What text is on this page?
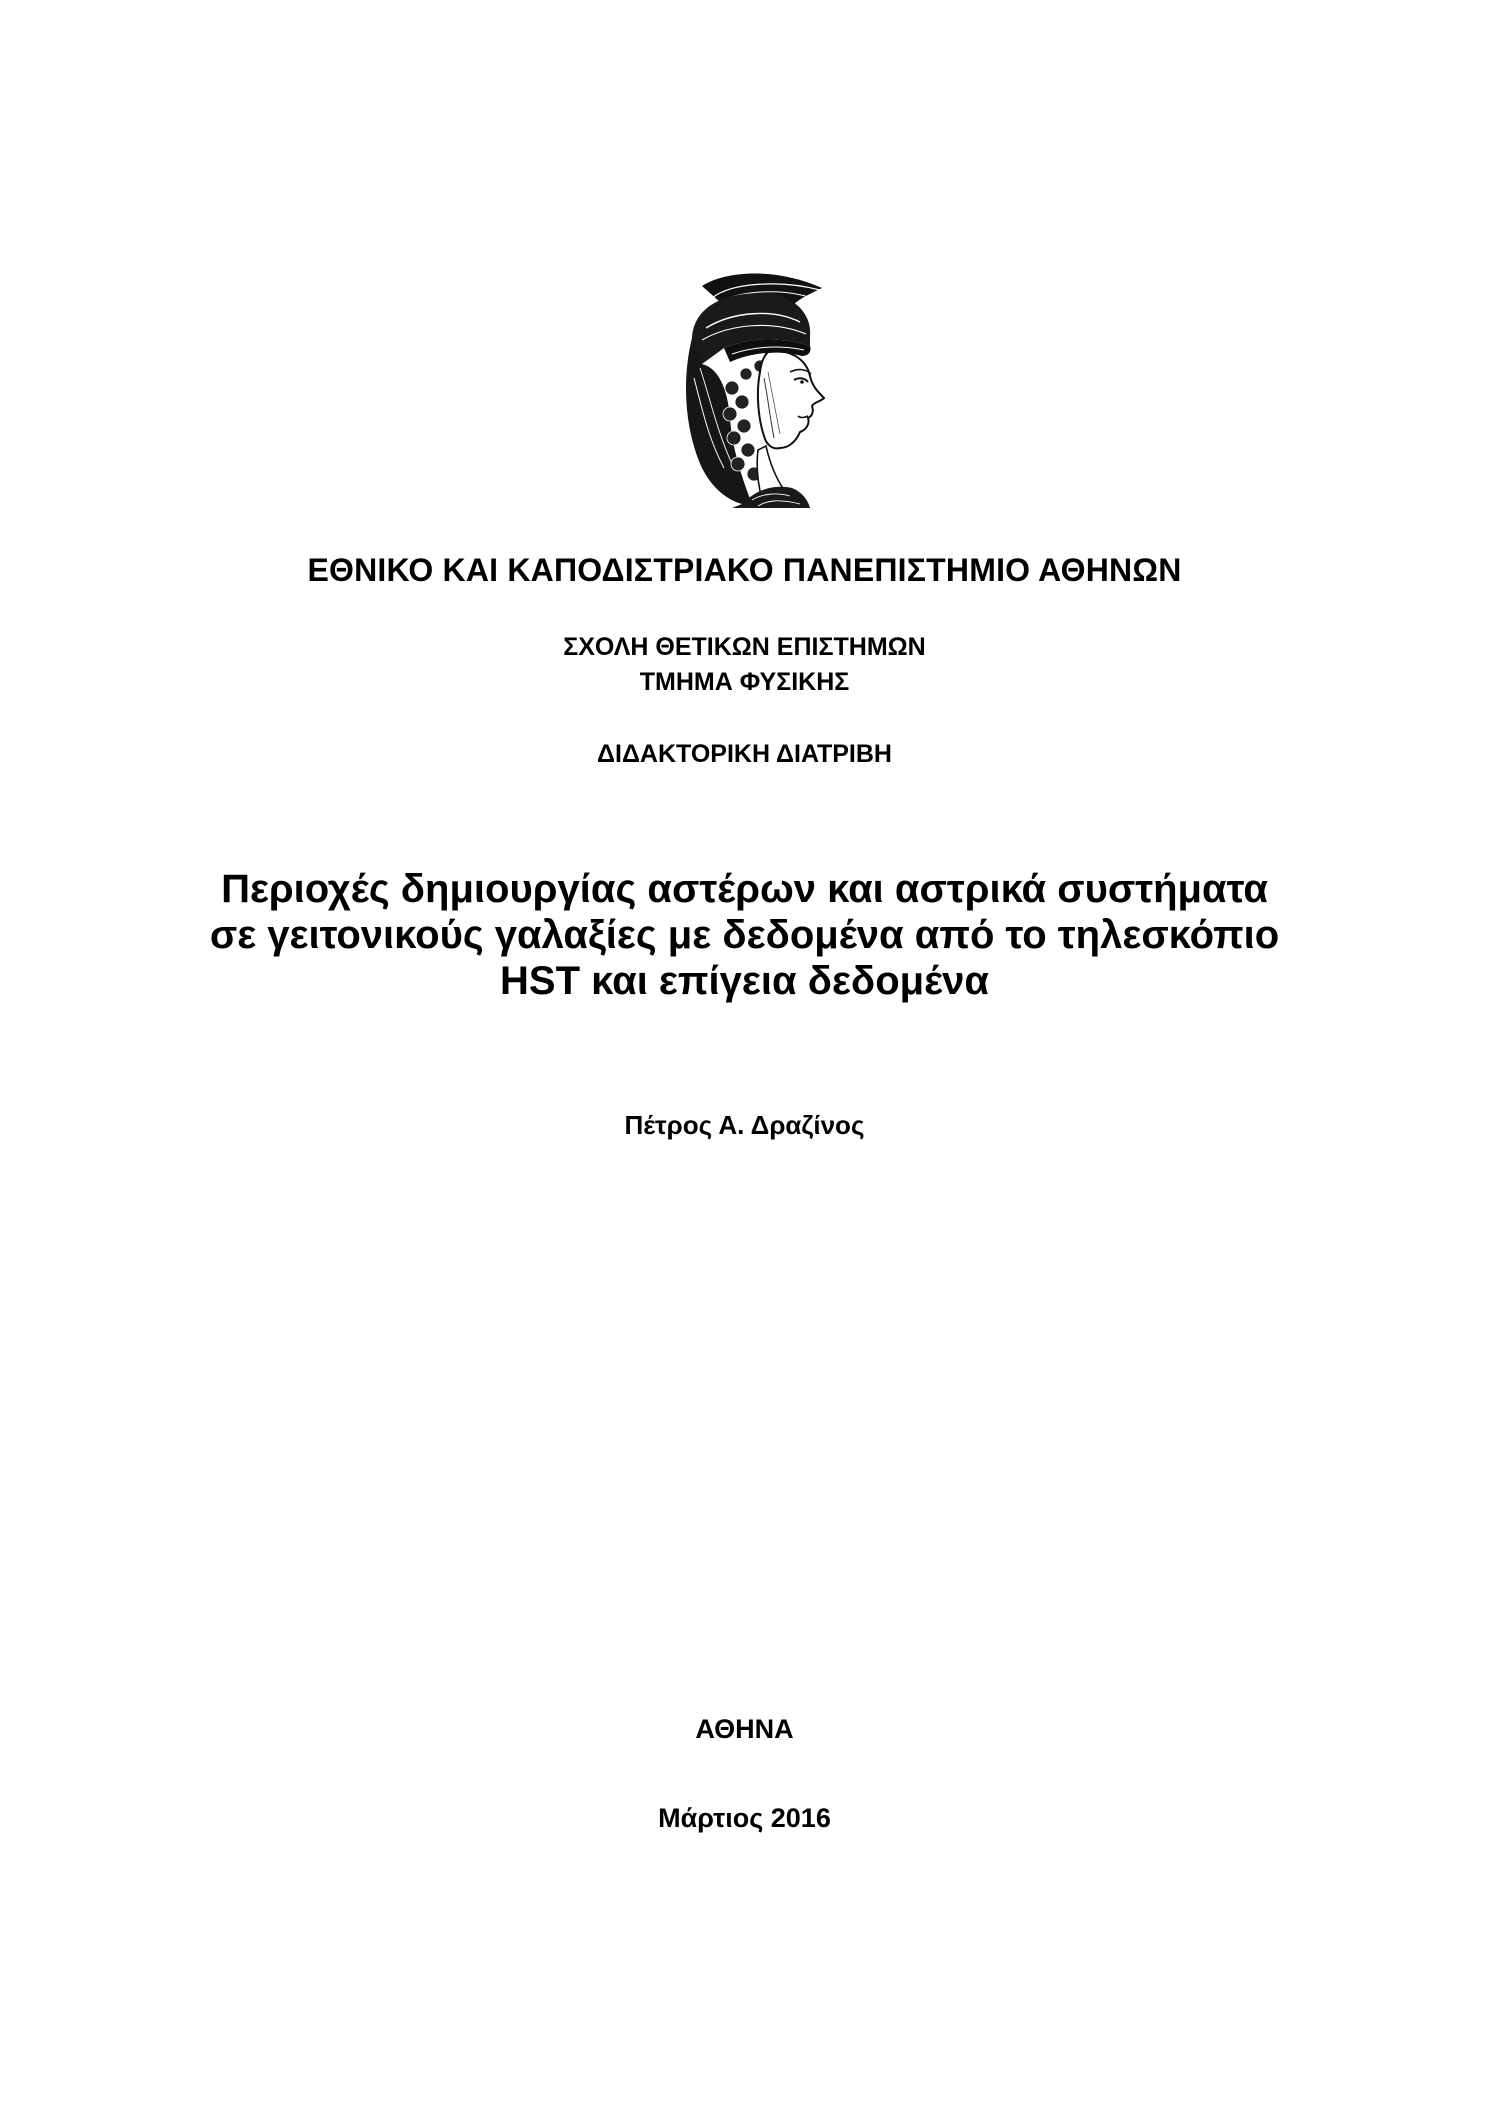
ΕΘΝΙΚΟ ΚΑΙ ΚΑΠΟΔΙΣΤΡΙΑΚΟ ΠΑΝΕΠΙΣΤΗΜΙΟ ΑΘΗΝΩΝ
ΣΧΟΛΗ ΘΕΤΙΚΩΝ ΕΠΙΣΤΗΜΩΝ
ΤΜΗΜΑ ΦΥΣΙΚΗΣ
ΔΙΔΑΚΤΟΡΙΚΗ ΔΙΑΤΡΙΒΗ
Περιοχές δημιουργίας αστέρων και αστρικά συστήματα
σε γειτονικούς γαλαξίες με δεδομένα από το τηλεσκόπιο
HST και επίγεια δεδομένα
Πέτρος Α. Δραζίνος
ΑΘΗΝΑ
Μάρτιος 2016
